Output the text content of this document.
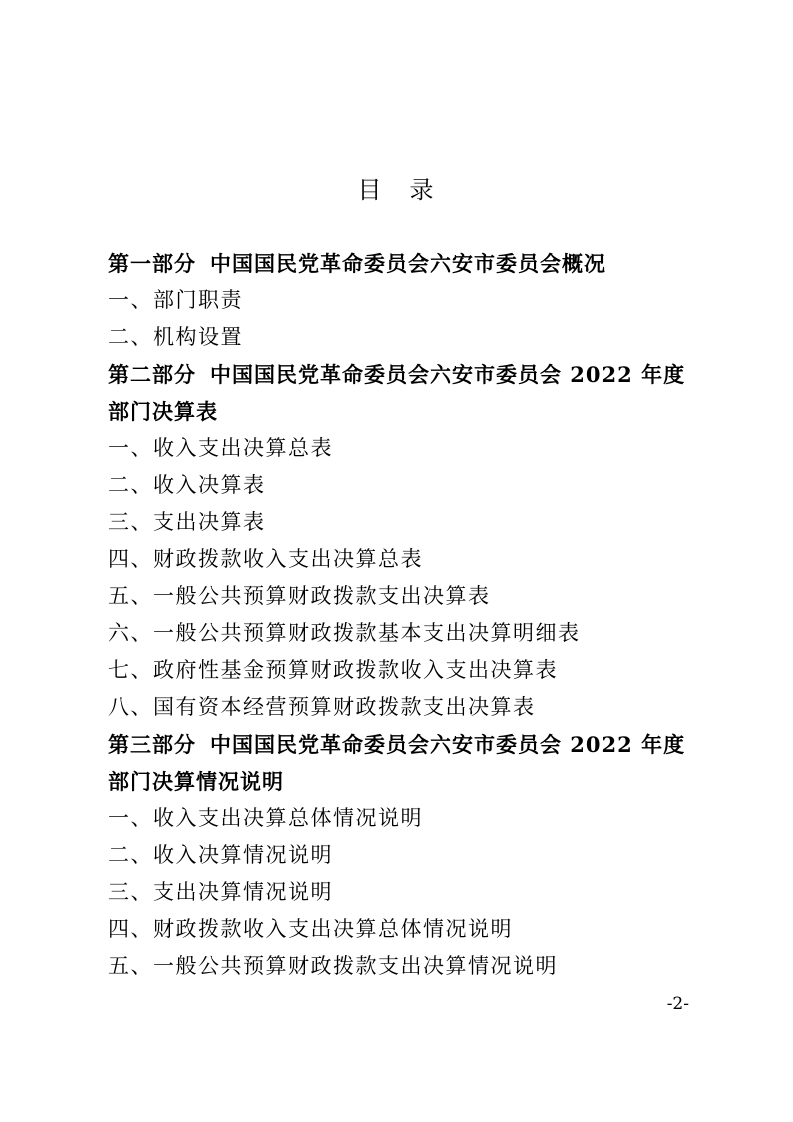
目　录
第一部分 中国国民党革命委员会六安市委员会概况
一、部门职责
二、机构设置
第二部分 中国国民党革命委员会六安市委员会 2022 年度
部门决算表
一、收入支出决算总表
二、收入决算表
三、支出决算表
四、财政拨款收入支出决算总表
五、一般公共预算财政拨款支出决算表
六、一般公共预算财政拨款基本支出决算明细表
七、政府性基金预算财政拨款收入支出决算表
八、国有资本经营预算财政拨款支出决算表
第三部分 中国国民党革命委员会六安市委员会 2022 年度
部门决算情况说明
一、收入支出决算总体情况说明
二、收入决算情况说明
三、支出决算情况说明
四、财政拨款收入支出决算总体情况说明
五、一般公共预算财政拨款支出决算情况说明
-2-
